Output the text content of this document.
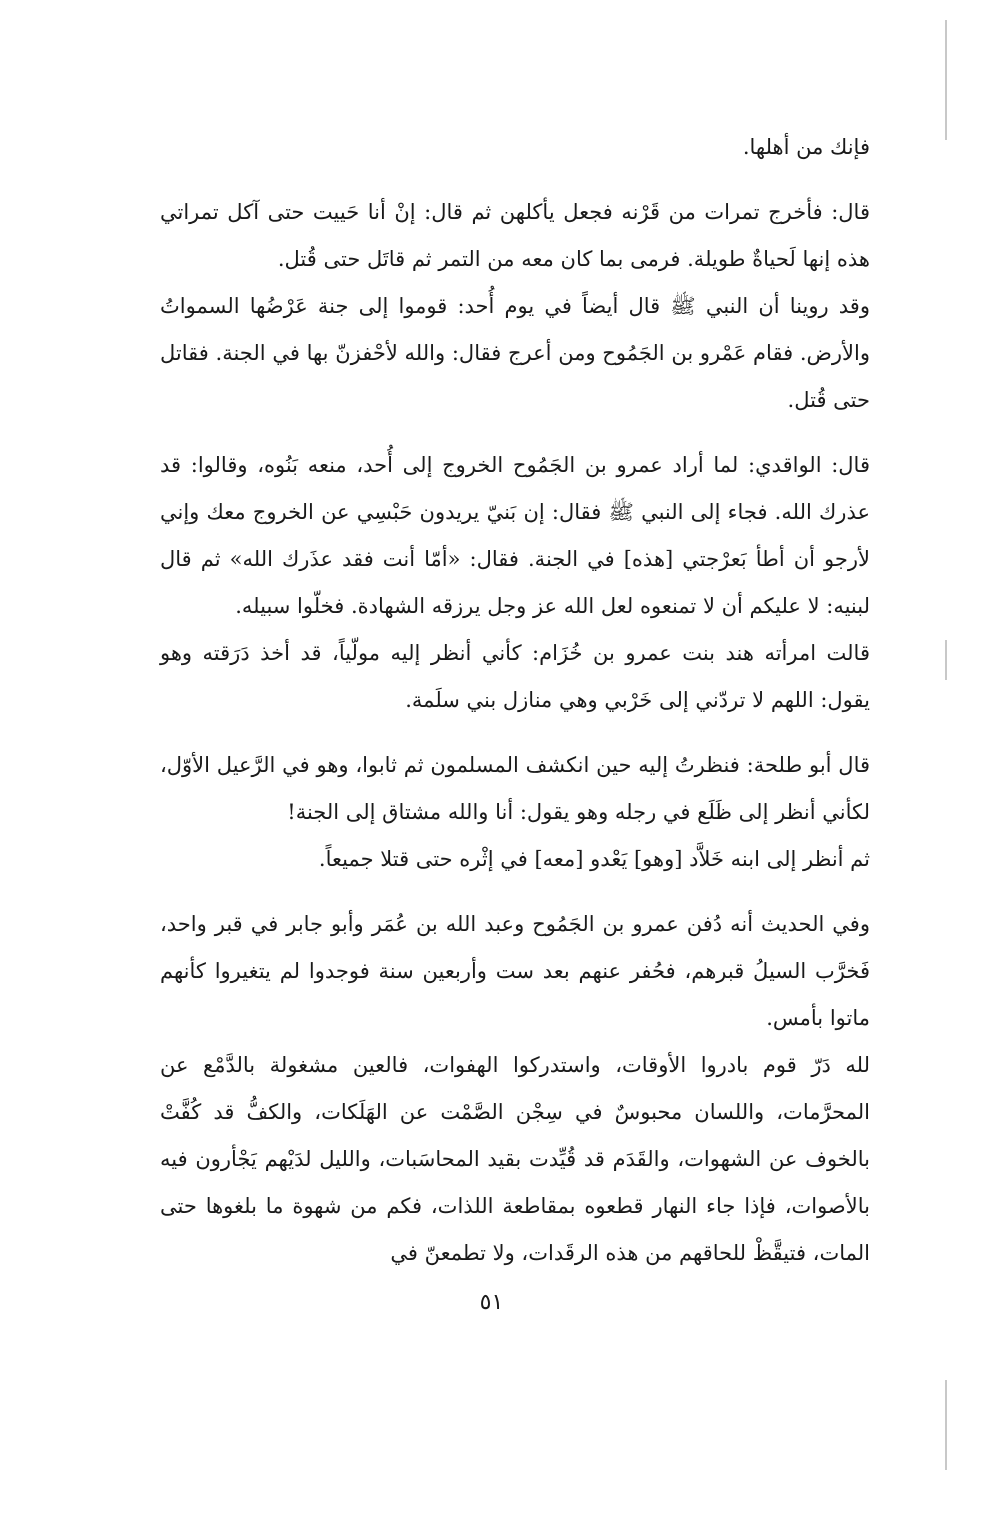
فإنك من أهلها.

قال: فأخرج تمرات من قَرْنه فجعل يأكلهن ثم قال: إنْ أنا حَييت حتى آكل تمراتي هذه إنها لَحياةٌ طويلة. فرمى بما كان معه من التمر ثم قاتَل حتى قُتل.

وقد روينا أن النبي ﷺ قال أيضاً في يوم أُحد: قوموا إلى جنة عَرْضُها السمواتُ والأرض. فقام عَمْرو بن الجَمُوح ومن أعرج فقال: والله لأحْفزنّ بها في الجنة. فقاتل حتى قُتل.

قال: الواقدي: لما أراد عمرو بن الجَمُوح الخروج إلى أُحد، منعه بَنُوه، وقالوا: قد عذرك الله. فجاء إلى النبي ﷺ فقال: إن بَنيّ يريدون حَبْسِي عن الخروج معك وإني لأرجو أن أطأ بَعرْجتي [هذه] في الجنة. فقال: «أمّا أنت فقد عذَرك الله» ثم قال لبنيه: لا عليكم أن لا تمنعوه لعل الله عز وجل يرزقه الشهادة. فخلّوا سبيله.

قالت امرأته هند بنت عمرو بن خُزَام: كأني أنظر إليه مولّياً، قد أخذ دَرَقته وهو يقول: اللهم لا تردّني إلى خَرْبي وهي منازل بني سلَمة.

قال أبو طلحة: فنظرتُ إليه حين انكشف المسلمون ثم ثابوا، وهو في الرَّعيل الأوّل، لكأني أنظر إلى ظَلَع في رجله وهو يقول: أنا والله مشتاق إلى الجنة!

ثم أنظر إلى ابنه خَلاَّد [وهو] يَعْدو [معه] في إثْره حتى قتلا جميعاً.

وفي الحديث أنه دُفن عمرو بن الجَمُوح وعبد الله بن عُمَر وأبو جابر في قبر واحد، فَخرَّب السيلُ قبرهم، فحُفر عنهم بعد ست وأربعين سنة فوجدوا لم يتغيروا كأنهم ماتوا بأمس.

لله دَرّ قوم بادروا الأوقات، واستدركوا الهفوات، فالعين مشغولة بالدَّمْع عن المحرَّمات، واللسان محبوسٌ في سِجْن الصَّمْت عن الهَلَكات، والكفُّ قد كُفَّتْ بالخوف عن الشهوات، والقَدَم قد قُيِّدت بقيد المحاسَبات، والليل لدَيْهم يَجْأرون فيه بالأصوات، فإذا جاء النهار قطعوه بمقاطعة اللذات، فكم من شهوة ما بلغوها حتى المات، فتيقَّظْ للحاقهم من هذه الرقَدات، ولا تطمعنّ في

٥١
